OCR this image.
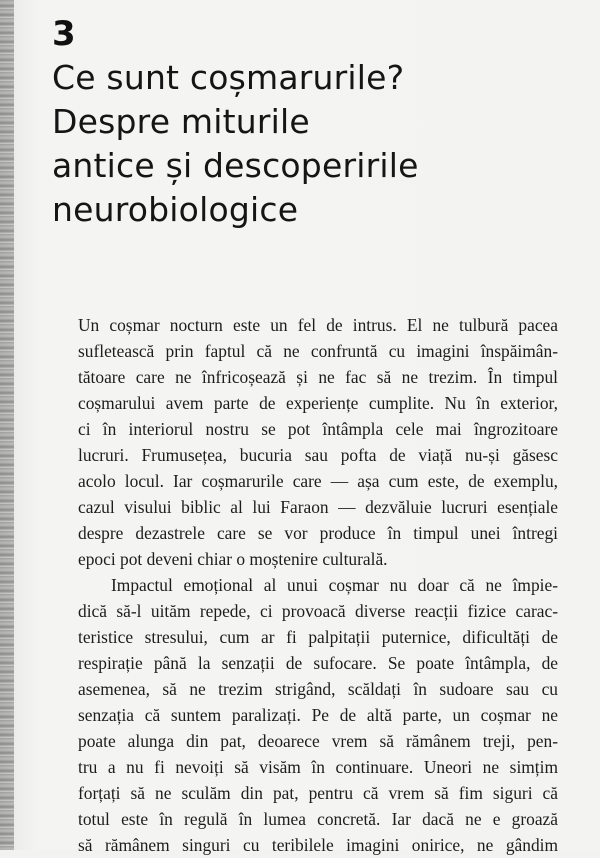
3
Ce sunt coșmarurile?
Despre miturile
antice și descoperirile
neurobiologice
Un coșmar nocturn este un fel de intrus. El ne tulbură pacea
sufletească prin faptul că ne confruntă cu imagini înspăimân-
tătoare care ne înfricoșează și ne fac să ne trezim. În timpul
coșmarului avem parte de experiențe cumplite. Nu în exterior,
ci în interiorul nostru se pot întâmpla cele mai îngrozitoare
lucruri. Frumusețea, bucuria sau pofta de viață nu-și găsesc
acolo locul. Iar coșmarurile care — așa cum este, de exemplu,
cazul visului biblic al lui Faraon — dezvăluie lucruri esențiale
despre dezastrele care se vor produce în timpul unei întregi
epoci pot deveni chiar o moștenire culturală.
Impactul emoțional al unui coșmar nu doar că ne împie-
dică să-l uităm repede, ci provoacă diverse reacții fizice carac-
teristice stresului, cum ar fi palpitații puternice, dificultăți de
respirație până la senzații de sufocare. Se poate întâmpla, de
asemenea, să ne trezim strigând, scăldați în sudoare sau cu
senzația că suntem paralizați. Pe de altă parte, un coșmar ne
poate alunga din pat, deoarece vrem să rămânem treji, pen-
tru a nu fi nevoiți să visăm în continuare. Uneori ne simțim
forțați să ne sculăm din pat, pentru că vrem să fim siguri că
totul este în regulă în lumea concretă. Iar dacă ne e groază
să rămânem singuri cu teribilele imagini onirice, ne gândim
